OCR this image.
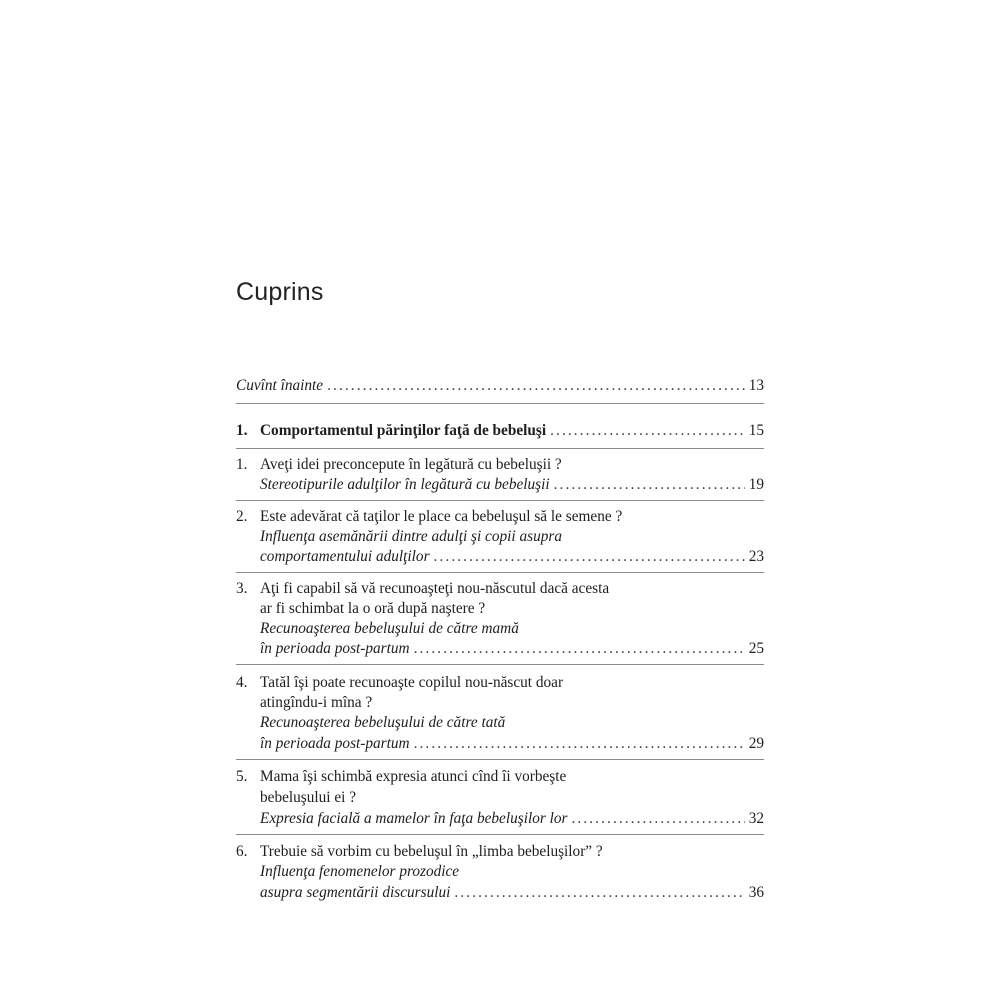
Cuprins
Cuvînt înainte .....	13
1. Comportamentul părinţilor faţă de bebeluşi .....	15
1. Aveţi idei preconcepute în legătură cu bebeluşii ?
Stereotipurile adulţilor în legătură cu bebeluşii .....	19
2. Este adevărat că taţilor le place ca bebeluşul să le semene ?
Influenţa asemănării dintre adulţi şi copii asupra
comportamentului adulţilor .....	23
3. Aţi fi capabil să vă recunoaşteţi nou-născutul dacă acesta
ar fi schimbat la o oră după naştere ?
Recunoaşterea bebeluşului de către mamă
în perioada post-partum .....	25
4. Tatăl îşi poate recunoaşte copilul nou-născut doar
atingîndu-i mîna ?
Recunoaşterea bebeluşului de către tată
în perioada post-partum .....	29
5. Mama îşi schimbă expresia atunci cînd îi vorbeşte
bebeluşului ei ?
Expresia facială a mamelor în faţa bebeluşilor lor .....	32
6. Trebuie să vorbim cu bebeluşul în „limba bebeluşilor” ?
Influenţa fenomenelor prozodice
asupra segmentării discursului .....	36
